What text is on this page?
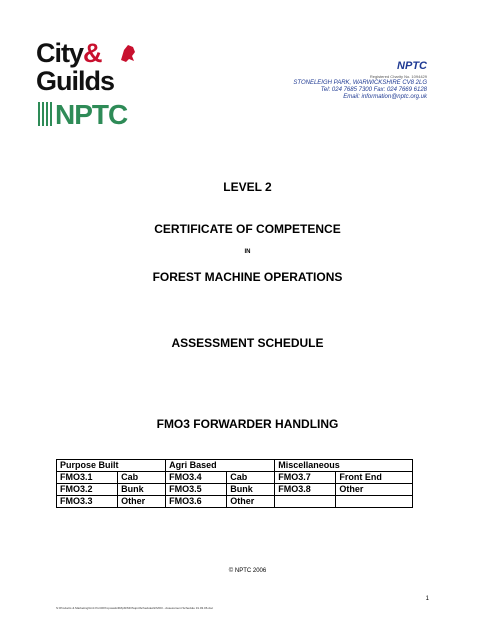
City&
Guilds
NPTC
NPTC
Registered Charity No. 1094429
STONELEIGH PARK, WARWICKSHIRE CV8 2LG
Tel: 024 7685 7300 Fax: 024 7669 6128
Email: information@nptc.org.uk
LEVEL 2
CERTIFICATE OF COMPETENCE
IN
FOREST MACHINE OPERATIONS
ASSESSMENT SCHEDULE
FMO3 FORWARDER HANDLING
Purpose Built		Agri Based		Miscellaneous	
FMO3.1	Cab	FMO3.4	Cab	FMO3.7	Front End
FMO3.2	Bunk	FMO3.5	Bunk	FMO3.8	Other
FMO3.3	Other	FMO3.6	Other		
© NPTC 2006
1
S:\Products & Marketing\Unit Port\FProposals\FMpl\FMOSups\Schedules\FMO3 - Assessment Schedule 31.03.06.doc
